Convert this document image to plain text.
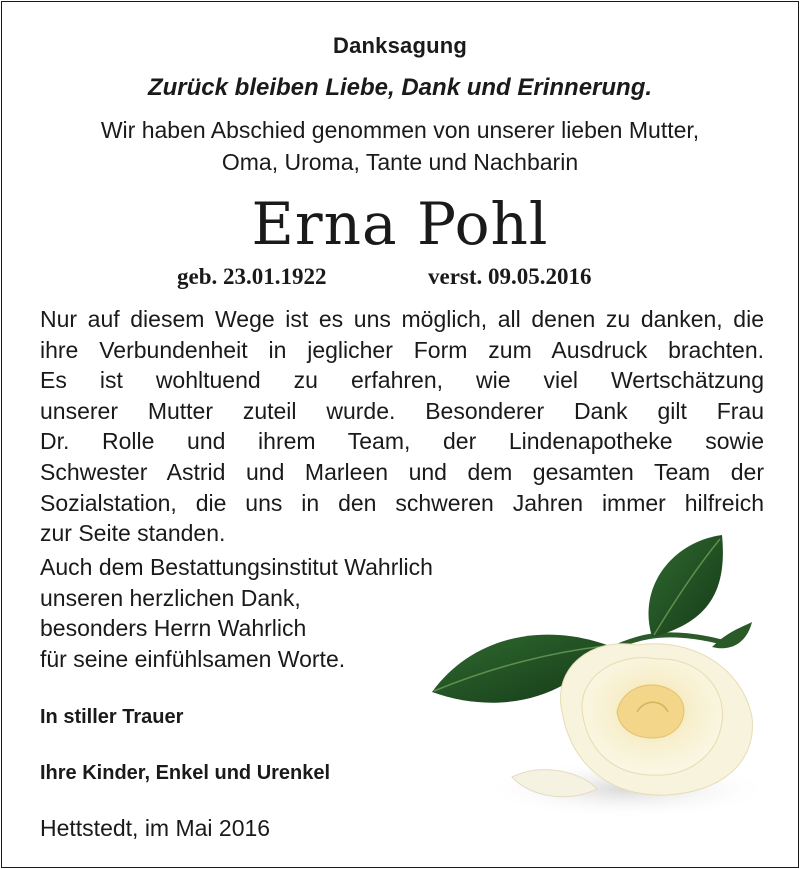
Danksagung
Zurück bleiben Liebe, Dank und Erinnerung.
Wir haben Abschied genommen von unserer lieben Mutter,
Oma, Uroma, Tante und Nachbarin
Erna Pohl
geb. 23.01.1922	verst. 09.05.2016
Nur auf diesem Wege ist es uns möglich, all denen zu danken, die
ihre Verbundenheit in jeglicher Form zum Ausdruck brachten.
Es ist wohltuend zu erfahren, wie viel Wertschätzung
unserer Mutter zuteil wurde. Besonderer Dank gilt Frau
Dr. Rolle und ihrem Team, der Lindenapotheke sowie
Schwester Astrid und Marleen und dem gesamten Team der
Sozialstation, die uns in den schweren Jahren immer hilfreich
zur Seite standen.
Auch dem Bestattungsinstitut Wahrlich
unseren herzlichen Dank,
besonders Herrn Wahrlich
für seine einfühlsamen Worte.
In stiller Trauer
Ihre Kinder, Enkel und Urenkel
Hettstedt, im Mai 2016
